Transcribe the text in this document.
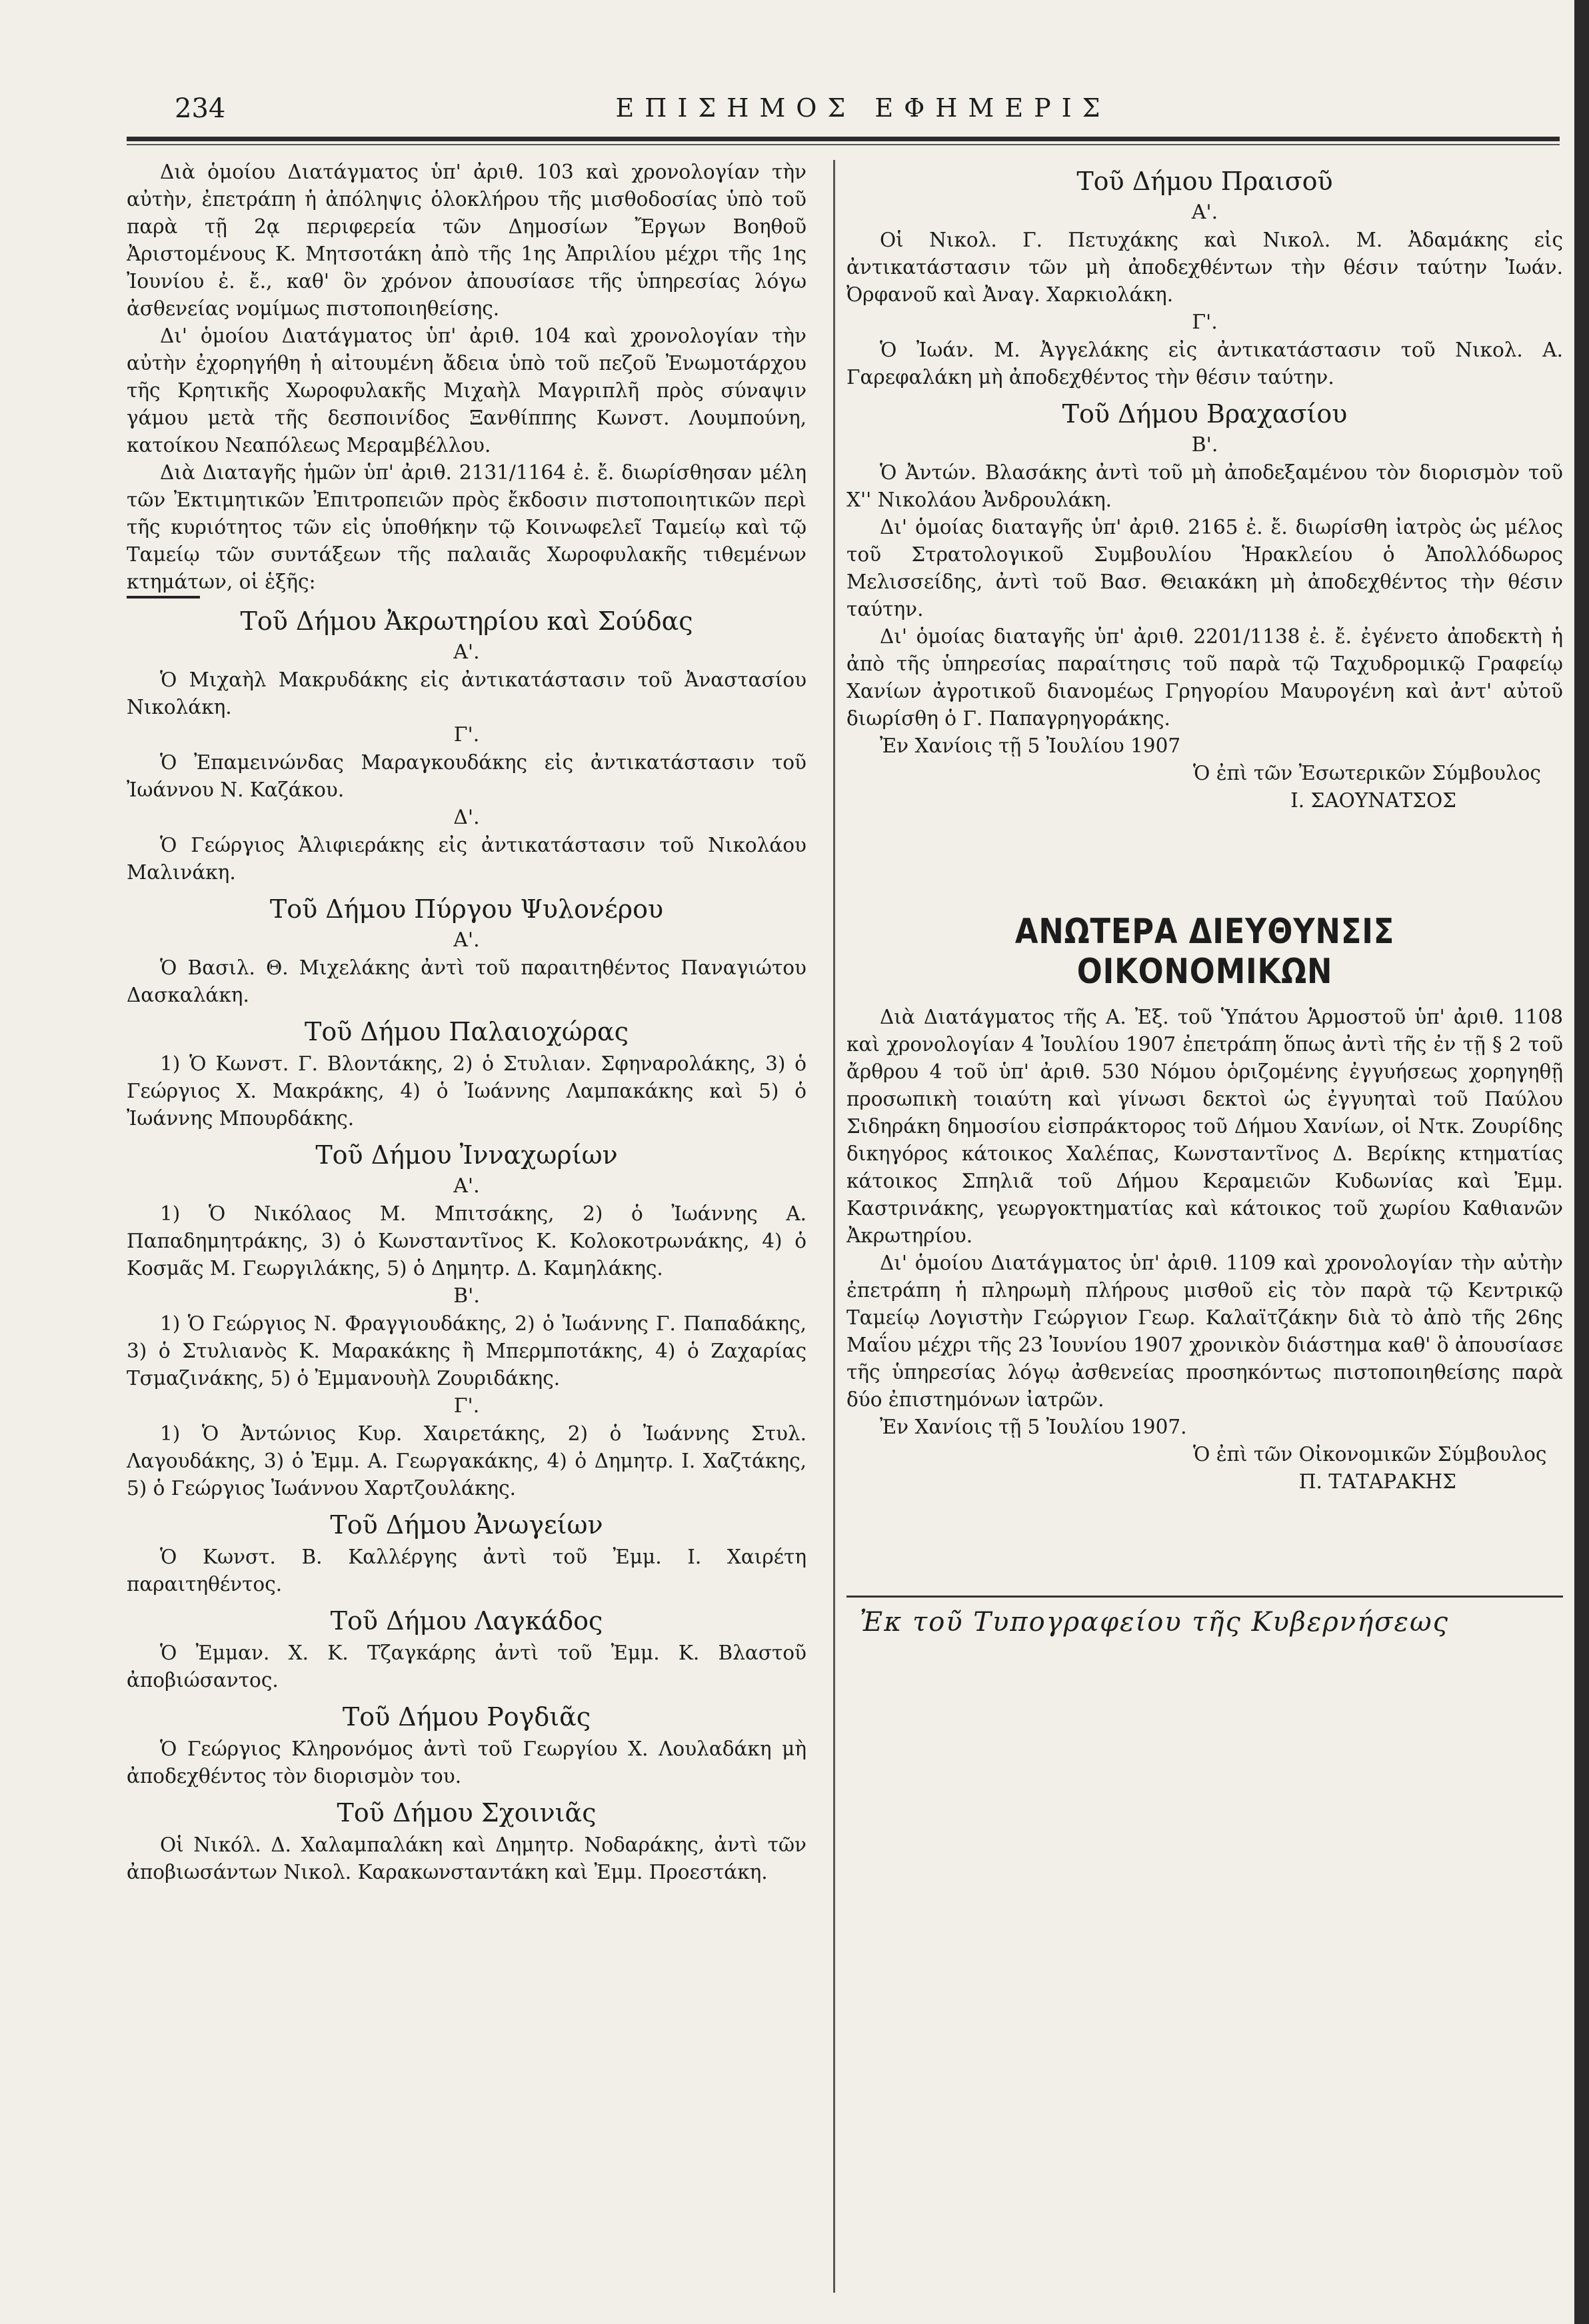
234	ΕΠΙΣΗΜΟΣ ΕΦΗΜΕΡΙΣ

Διὰ ὁμοίου Διατάγματος ὑπ' ἀριθ. 103 καὶ χρονολογίαν τὴν αὐτὴν, ἐπετράπη ἡ ἀπόληψις ὁλοκλήρου τῆς μισθοδοσίας ὑπὸ τοῦ παρὰ τῇ 2ᾳ περιφερεία τῶν Δημοσίων Ἔργων Βοηθοῦ Ἀριστομένους Κ. Μητσοτάκη ἀπὸ τῆς 1ης Ἀπριλίου μέχρι τῆς 1ης Ἰουνίου ἐ. ἔ., καθ' ὃν χρόνον ἀπουσίασε τῆς ὑπηρεσίας λόγω ἀσθενείας νομίμως πιστοποιηθείσης.

Δι' ὁμοίου Διατάγματος ὑπ' ἀριθ. 104 καὶ χρονολογίαν τὴν αὐτὴν ἐχορηγήθη ἡ αἰτουμένη ἄδεια ὑπὸ τοῦ πεζοῦ Ἐνωμοτάρχου τῆς Κρητικῆς Χωροφυλακῆς Μιχαὴλ Μαγριπλῆ πρὸς σύναψιν γάμου μετὰ τῆς δεσποινίδος Ξανθίππης Κωνστ. Λουμπούνη, κατοίκου Νεαπόλεως Μεραμβέλλου.

Διὰ Διαταγῆς ἡμῶν ὑπ' ἀριθ. 2131/1164 ἐ. ἔ. διωρίσθησαν μέλη τῶν Ἐκτιμητικῶν Ἐπιτροπειῶν πρὸς ἔκδοσιν πιστοποιητικῶν περὶ τῆς κυριότητος τῶν εἰς ὑποθήκην τῷ Κοινωφελεῖ Ταμείῳ καὶ τῷ Ταμείῳ τῶν συντάξεων τῆς παλαιᾶς Χωροφυλακῆς τιθεμένων κτημάτων, οἱ ἑξῆς:

Τοῦ Δήμου Ἀκρωτηρίου καὶ Σούδας
Α'.

Ὁ Μιχαὴλ Μακρυδάκης εἰς ἀντικατάστασιν τοῦ Ἀναστασίου Νικολάκη.

Γ'.

Ὁ Ἐπαμεινώνδας Μαραγκουδάκης εἰς ἀντικατάστασιν τοῦ Ἰωάννου Ν. Καζάκου.

Δ'.

Ὁ Γεώργιος Ἀλιφιεράκης εἰς ἀντικατάστασιν τοῦ Νικολάου Μαλινάκη.

Τοῦ Δήμου Πύργου Ψυλονέρου
Α'.

Ὁ Βασιλ. Θ. Μιχελάκης ἀντὶ τοῦ παραιτηθέντος Παναγιώτου Δασκαλάκη.

Τοῦ Δήμου Παλαιοχώρας

1) Ὁ Κωνστ. Γ. Βλοντάκης, 2) ὁ Στυλιαν. Σφηναρολάκης, 3) ὁ Γεώργιος Χ. Μακράκης, 4) ὁ Ἰωάννης Λαμπακάκης καὶ 5) ὁ Ἰωάννης Μπουρδάκης.

Τοῦ Δήμου Ἰνναχωρίων
Α'.

1) Ὁ Νικόλαος Μ. Μπιτσάκης, 2) ὁ Ἰωάννης Α. Παπαδημητράκης, 3) ὁ Κωνσταντῖνος Κ. Κολοκοτρωνάκης, 4) ὁ Κοσμᾶς Μ. Γεωργιλάκης, 5) ὁ Δημητρ. Δ. Καμηλάκης.

Β'.

1) Ὁ Γεώργιος Ν. Φραγγιουδάκης, 2) ὁ Ἰωάννης Γ. Παπαδάκης, 3) ὁ Στυλιανὸς Κ. Μαρακάκης ἢ Μπερμποτάκης, 4) ὁ Ζαχαρίας Τσμαζινάκης, 5) ὁ Ἐμμανουὴλ Ζουριδάκης.

Γ'.

1) Ὁ Ἀντώνιος Κυρ. Χαιρετάκης, 2) ὁ Ἰωάννης Στυλ. Λαγουδάκης, 3) ὁ Ἐμμ. Α. Γεωργακάκης, 4) ὁ Δημητρ. Ι. Χαζτάκης, 5) ὁ Γεώργιος Ἰωάννου Χαρτζουλάκης.

Τοῦ Δήμου Ἀνωγείων

Ὁ Κωνστ. Β. Καλλέργης ἀντὶ τοῦ Ἐμμ. Ι. Χαιρέτη παραιτηθέντος.

Τοῦ Δήμου Λαγκάδος

Ὁ Ἐμμαν. Χ. Κ. Τζαγκάρης ἀντὶ τοῦ Ἐμμ. Κ. Βλαστοῦ ἀποβιώσαντος.

Τοῦ Δήμου Ρογδιᾶς

Ὁ Γεώργιος Κληρονόμος ἀντὶ τοῦ Γεωργίου Χ. Λουλαδάκη μὴ ἀποδεχθέντος τὸν διορισμὸν του.

Τοῦ Δήμου Σχοινιᾶς

Οἱ Νικόλ. Δ. Χαλαμπαλάκη καὶ Δημητρ. Νοδαράκης, ἀντὶ τῶν ἀποβιωσάντων Νικολ. Καρακωνσταντάκη καὶ Ἐμμ. Προεστάκη.

Τοῦ Δήμου Πραισοῦ
Α'.

Οἱ Νικολ. Γ. Πετυχάκης καὶ Νικολ. Μ. Ἀδαμάκης εἰς ἀντικατάστασιν τῶν μὴ ἀποδεχθέντων τὴν θέσιν ταύτην Ἰωάν. Ὀρφανοῦ καὶ Ἀναγ. Χαρκιολάκη.

Γ'.

Ὁ Ἰωάν. Μ. Ἀγγελάκης εἰς ἀντικατάστασιν τοῦ Νικολ. Α. Γαρεφαλάκη μὴ ἀποδεχθέντος τὴν θέσιν ταύτην.

Τοῦ Δήμου Βραχασίου
Β'.

Ὁ Ἀντών. Βλασάκης ἀντὶ τοῦ μὴ ἀποδεξαμένου τὸν διορισμὸν τοῦ Χ'' Νικολάου Ἀνδρουλάκη.

Δι' ὁμοίας διαταγῆς ὑπ' ἀριθ. 2165 ἐ. ἔ. διωρίσθη ἰατρὸς ὡς μέλος τοῦ Στρατολογικοῦ Συμβουλίου Ἡρακλείου ὁ Ἀπολλόδωρος Μελισσείδης, ἀντὶ τοῦ Βασ. Θειακάκη μὴ ἀποδεχθέντος τὴν θέσιν ταύτην.

Δι' ὁμοίας διαταγῆς ὑπ' ἀριθ. 2201/1138 ἐ. ἔ. ἐγένετο ἀποδεκτὴ ἡ ἀπὸ τῆς ὑπηρεσίας παραίτησις τοῦ παρὰ τῷ Ταχυδρομικῷ Γραφείῳ Χανίων ἀγροτικοῦ διανομέως Γρηγορίου Μαυρογένη καὶ ἀντ' αὐτοῦ διωρίσθη ὁ Γ. Παπαγρηγοράκης.

Ἐν Χανίοις τῇ 5 Ἰουλίου 1907

Ὁ ἐπὶ τῶν Ἐσωτερικῶν Σύμβουλος

Ι. ΣΑΟΥΝΑΤΣΟΣ

ΑΝΩΤΕΡΑ ΔΙΕΥΘΥΝΣΙΣ ΟΙΚΟΝΟΜΙΚΩΝ

Διὰ Διατάγματος τῆς Α. Ἐξ. τοῦ Ὑπάτου Ἁρμοστοῦ ὑπ' ἀριθ. 1108 καὶ χρονολογίαν 4 Ἰουλίου 1907 ἐπετράπη ὅπως ἀντὶ τῆς ἐν τῇ § 2 τοῦ ἄρθρου 4 τοῦ ὑπ' ἀριθ. 530 Νόμου ὁριζομένης ἐγγυήσεως χορηγηθῇ προσωπικὴ τοιαύτη καὶ γίνωσι δεκτοὶ ὡς ἐγγυηταὶ τοῦ Παύλου Σιδηράκη δημοσίου εἰσπράκτορος τοῦ Δήμου Χανίων, οἱ Ντκ. Ζουρίδης δικηγόρος κάτοικος Χαλέπας, Κωνσταντῖνος Δ. Βερίκης κτηματίας κάτοικος Σπηλιᾶ τοῦ Δήμου Κεραμειῶν Κυδωνίας καὶ Ἐμμ. Καστρινάκης, γεωργοκτηματίας καὶ κάτοικος τοῦ χωρίου Καθιανῶν Ἀκρωτηρίου.

Δι' ὁμοίου Διατάγματος ὑπ' ἀριθ. 1109 καὶ χρονολογίαν τὴν αὐτὴν ἐπετράπη ἡ πληρωμὴ πλήρους μισθοῦ εἰς τὸν παρὰ τῷ Κεντρικῷ Ταμείῳ Λογιστὴν Γεώργιον Γεωρ. Καλαϊτζάκην διὰ τὸ ἀπὸ τῆς 26ης Μαΐου μέχρι τῆς 23 Ἰουνίου 1907 χρονικὸν διάστημα καθ' ὃ ἀπουσίασε τῆς ὑπηρεσίας λόγῳ ἀσθενείας προσηκόντως πιστοποιηθείσης παρὰ δύο ἐπιστημόνων ἰατρῶν.

Ἐν Χανίοις τῇ 5 Ἰουλίου 1907.

Ὁ ἐπὶ τῶν Οἰκονομικῶν Σύμβουλος

Π. ΤΑΤΑΡΑΚΗΣ

Ἐκ τοῦ Τυπογραφείου τῆς Κυβερνήσεως
